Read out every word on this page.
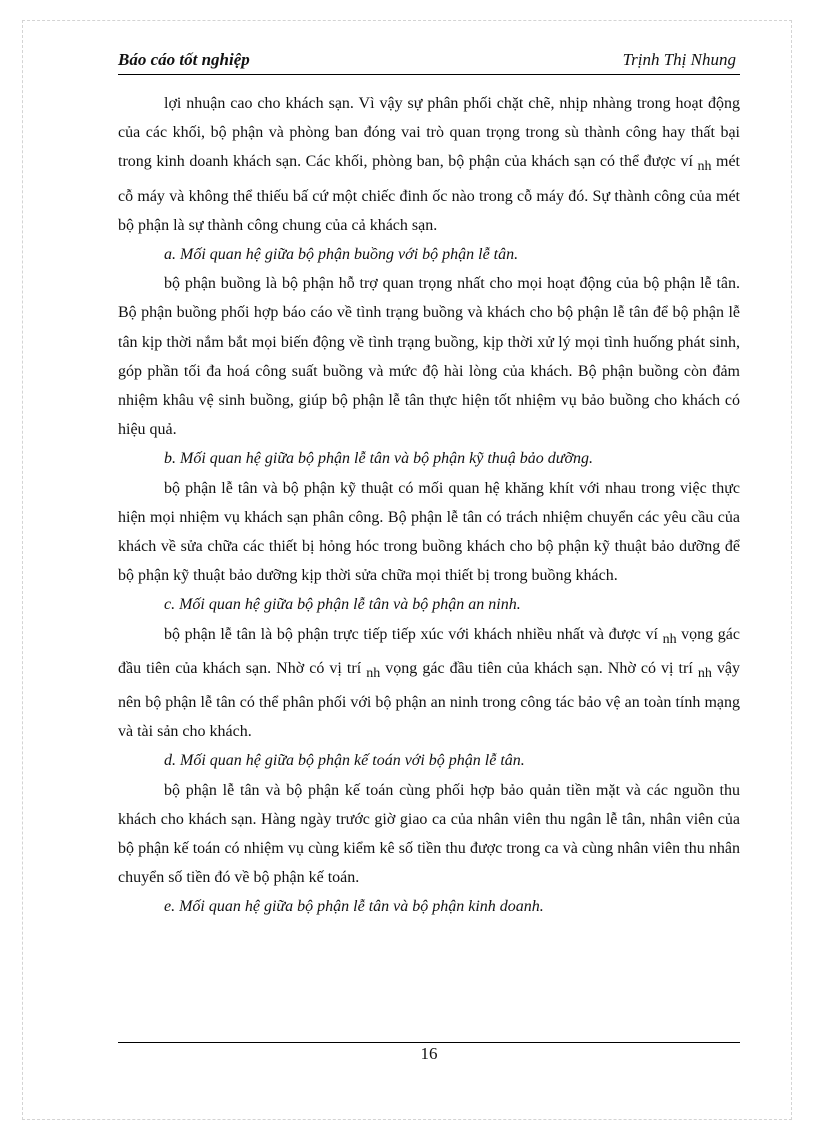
Báo cáo tốt nghiệp	Trịnh Thị Nhung

lợi nhuận cao cho khách sạn. Vì vậy sự phân phối chặt chẽ, nhịp nhàng trong hoạt động của các khối, bộ phận và phòng ban đóng vai trò quan trọng trong sù thành công hay thất bại trong kinh doanh khách sạn. Các khối, phòng ban, bộ phận của khách sạn có thể được ví nh mét cỗ máy và không thể thiếu bấ cứ một chiếc đinh ốc nào trong cỗ máy đó. Sự thành công của mét bộ phận là sự thành công chung của cả khách sạn.

a. Mối quan hệ giữa bộ phận buồng với bộ phận lễ tân.

bộ phận buồng là bộ phận hỗ trợ quan trọng nhất cho mọi hoạt động của bộ phận lễ tân. Bộ phận buồng phối hợp báo cáo về tình trạng buồng và khách cho bộ phận lễ tân để bộ phận lễ tân kịp thời nắm bắt mọi biến động về tình trạng buồng, kịp thời xử lý mọi tình huống phát sinh, góp phần tối đa hoá công suất buồng và mức độ hài lòng của khách. Bộ phận buồng còn đảm nhiệm khâu vệ sinh buồng, giúp bộ phận lễ tân thực hiện tốt nhiệm vụ bảo buồng cho khách có hiệu quả.

b. Mối quan hệ giữa bộ phận lễ tân và bộ phận kỹ thuậ bảo dưỡng.

bộ phận lễ tân và bộ phận kỹ thuật có mối quan hệ khăng khít với nhau trong việc thực hiện mọi nhiệm vụ khách sạn phân công. Bộ phận lễ tân có trách nhiệm chuyển các yêu cầu của khách về sửa chữa các thiết bị hỏng hóc trong buồng khách cho bộ phận kỹ thuật bảo dưỡng để bộ phận kỹ thuật bảo dưỡng kịp thời sửa chữa mọi thiết bị trong buồng khách.

c. Mối quan hệ giữa bộ phận lễ tân và bộ phận an ninh.

bộ phận lễ tân là bộ phận trực tiếp tiếp xúc với khách nhiều nhất và được ví nh vọng gác đầu tiên của khách sạn. Nhờ có vị trí nh vọng gác đầu tiên của khách sạn. Nhờ có vị trí nh vậy nên bộ phận lễ tân có thể phân phối với bộ phận an ninh trong công tác bảo vệ an toàn tính mạng và tài sản cho khách.

d. Mối quan hệ giữa bộ phận kế toán với bộ phận lễ tân.

bộ phận lễ tân và bộ phận kế toán cùng phối hợp bảo quản tiền mặt và các nguồn thu khách cho khách sạn. Hàng ngày trước giờ giao ca của nhân viên thu ngân lễ tân, nhân viên của bộ phận kế toán có nhiệm vụ cùng kiểm kê số tiền thu được trong ca và cùng nhân viên thu nhân chuyển số tiền đó về bộ phận kế toán.

e. Mối quan hệ giữa bộ phận lễ tân và bộ phận kinh doanh.

16
